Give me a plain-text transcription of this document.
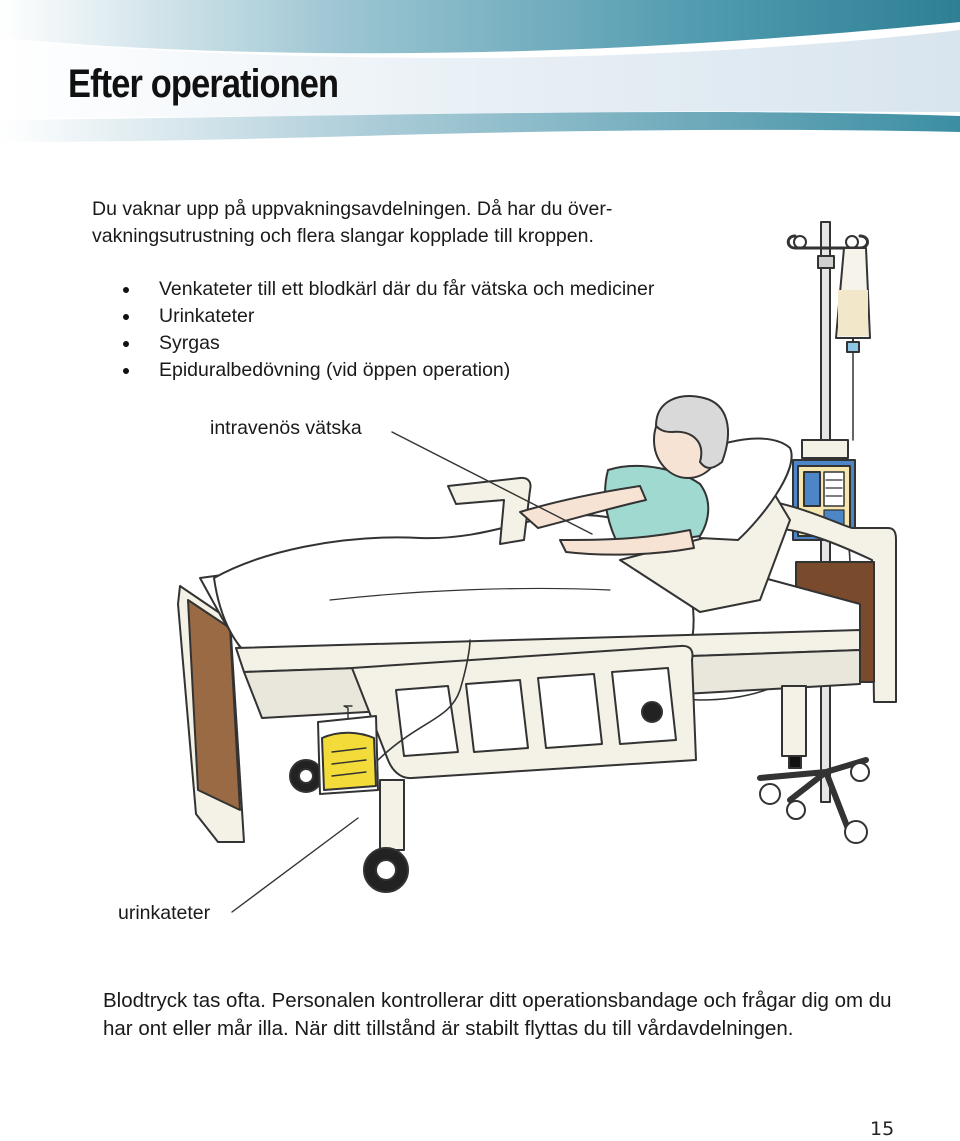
Efter operationen

Du vaknar upp på uppvakningsavdelningen. Då har du över-
vakningsutrustning och flera slangar kopplade till kroppen.

Venkateter till ett blodkärl där du får vätska och mediciner
Urinkateter
Syrgas
Epiduralbedövning (vid öppen operation)
intravenös vätska
urinkateter

Blodtryck tas ofta. Personalen kontrollerar ditt operationsbandage och frågar dig om du har ont eller mår illa. När ditt tillstånd är stabilt flyttas du till vårdavdelningen.

15
